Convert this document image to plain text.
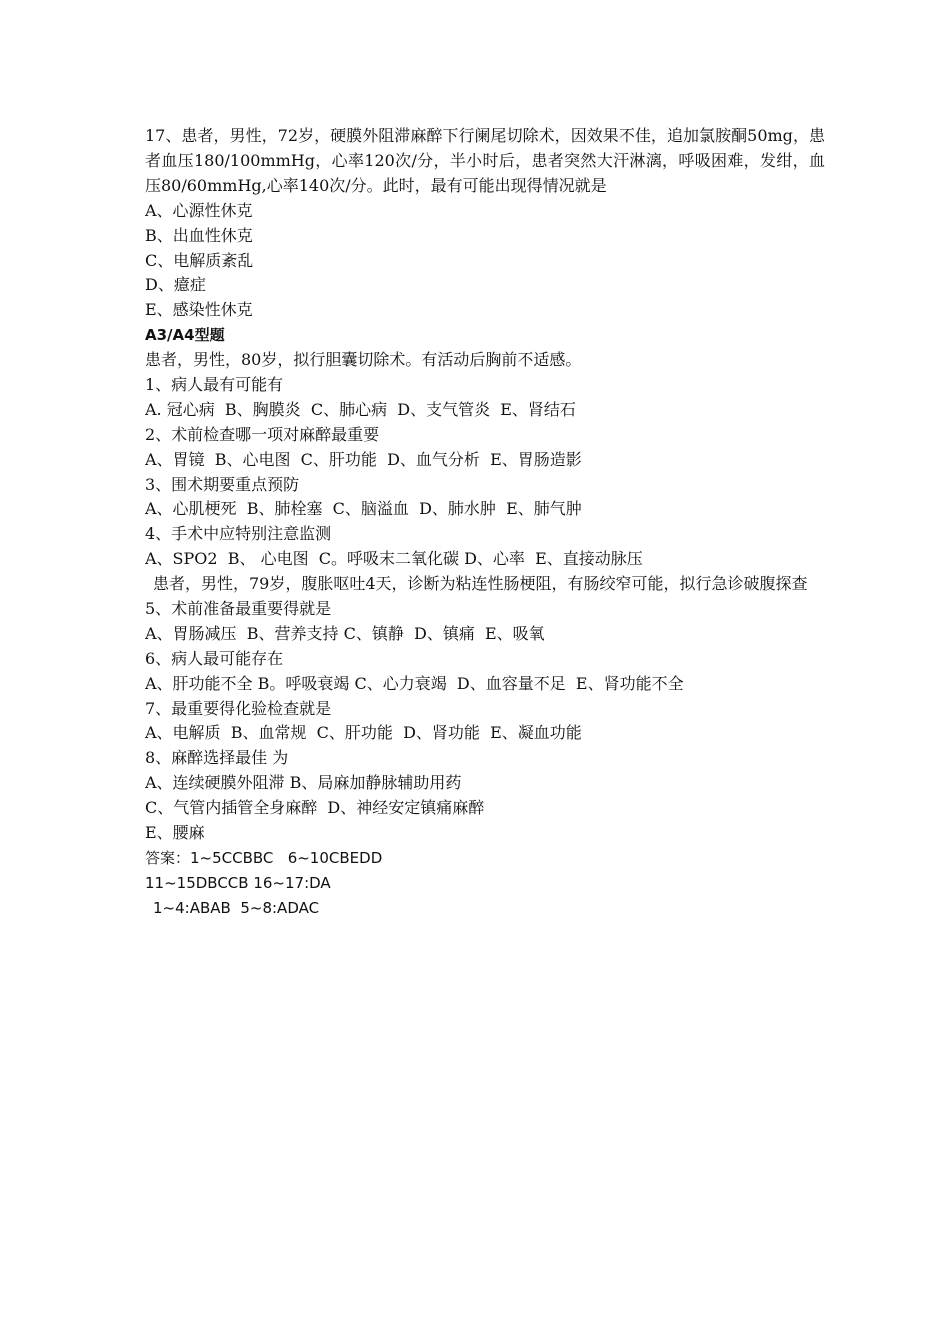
17、患者，男性，72岁，硬膜外阻滞麻醉下行阑尾切除术，因效果不佳，追加氯胺酮50mg，患者血压180/100mmHg，心率120次/分，半小时后，患者突然大汗淋漓，呼吸困难，发绀，血压80/60mmHg,心率140次/分。此时，最有可能出现得情况就是
A、心源性休克
B、出血性休克
C、电解质紊乱
D、癔症
E、感染性休克
A3/A4型题
患者，男性，80岁，拟行胆囊切除术。有活动后胸前不适感。
1、病人最有可能有
A. 冠心病  B、胸膜炎  C、肺心病  D、支气管炎  E、肾结石
2、术前检查哪一项对麻醉最重要
A、胃镜  B、心电图  C、肝功能  D、血气分析  E、胃肠造影
3、围术期要重点预防
A、心肌梗死  B、肺栓塞  C、脑溢血  D、肺水肿  E、肺气肿
4、手术中应特别注意监测
A、SPO2  B、 心电图  C。呼吸末二氧化碳 D、心率  E、直接动脉压
患者，男性，79岁，腹胀呕吐4天，诊断为粘连性肠梗阻，有肠绞窄可能，拟行急诊破腹探查
5、术前准备最重要得就是
A、胃肠减压  B、营养支持 C、镇静  D、镇痛  E、吸氧
6、病人最可能存在
A、肝功能不全 B。呼吸衰竭 C、心力衰竭  D、血容量不足  E、肾功能不全
7、最重要得化验检查就是
A、电解质  B、血常规  C、肝功能  D、肾功能  E、凝血功能
8、麻醉选择最佳 为
A、连续硬膜外阻滞 B、局麻加静脉辅助用药
C、气管内插管全身麻醉  D、神经安定镇痛麻醉
E、腰麻
答案：1~5CCBBC   6~10CBEDD
11~15DBCCB 16~17:DA
1~4:ABAB  5~8:ADAC
